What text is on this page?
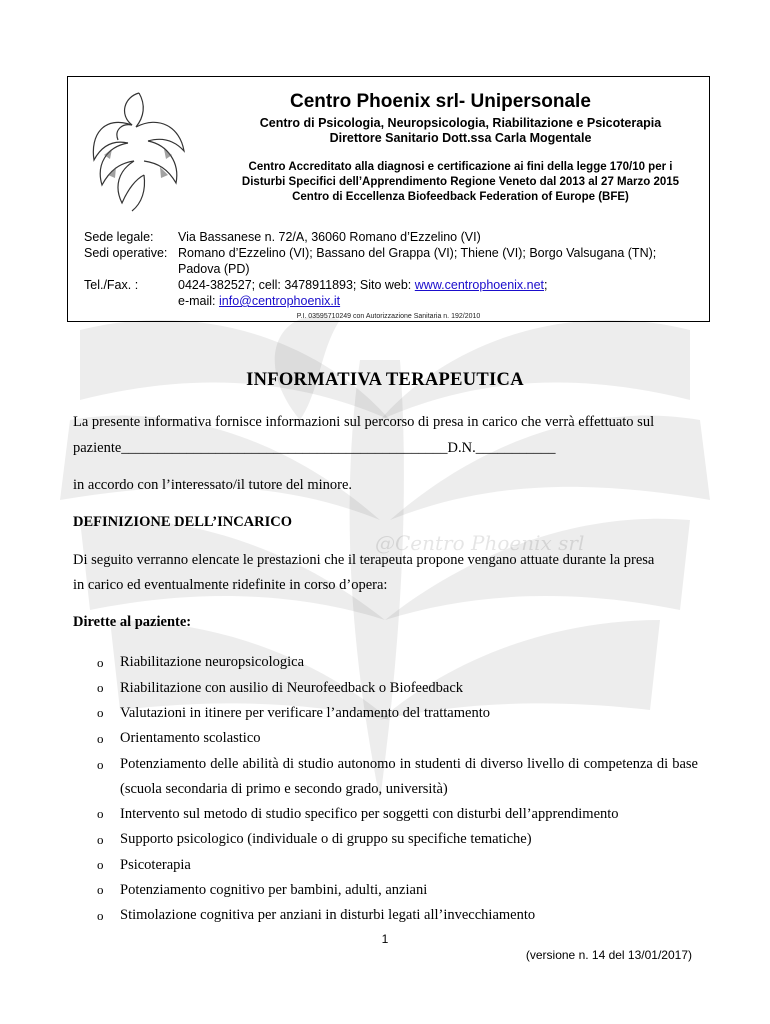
@Centro Phoenix srl
Centro Phoenix srl- Unipersonale
Centro di Psicologia, Neuropsicologia, Riabilitazione e Psicoterapia
Direttore Sanitario Dott.ssa Carla Mogentale
Centro Accreditato alla diagnosi e certificazione ai fini della legge 170/10 per i
Disturbi Specifici dell’Apprendimento Regione Veneto dal 2013 al 27 Marzo 2015
Centro di Eccellenza Biofeedback Federation of Europe (BFE)
Sede legale:	Via Bassanese n. 72/A, 36060 Romano d’Ezzelino (VI)
Sedi operative: Romano d’Ezzelino (VI); Bassano del Grappa (VI); Thiene (VI); Borgo Valsugana (TN);
Padova (PD)
Tel./Fax. :	0424-382527; cell: 3478911893; Sito web: www.centrophoenix.net;
e-mail: info@centrophoenix.it
P.I. 03595710249 con Autorizzazione Sanitaria n. 192/2010
INFORMATIVA TERAPEUTICA
La presente informativa fornisce informazioni sul percorso di presa in carico che verrà effettuato sul
paziente_____________________________________________D.N.___________
in accordo con l’interessato/il tutore del minore.
DEFINIZIONE DELL’INCARICO
Di seguito verranno elencate le prestazioni che il terapeuta propone vengano attuate durante la presa
in carico ed eventualmente ridefinite in corso d’opera:
Dirette al paziente:
o	Riabilitazione neuropsicologica
o	Riabilitazione con ausilio di Neurofeedback o Biofeedback
o	Valutazioni in itinere per verificare l’andamento del trattamento
o	Orientamento scolastico
o	Potenziamento delle abilità di studio autonomo in studenti di diverso livello di competenza di base (scuola secondaria di primo e secondo grado, università)
o	Intervento sul metodo di studio specifico per soggetti con disturbi dell’apprendimento
o	Supporto psicologico (individuale o di gruppo su specifiche tematiche)
o	Psicoterapia
o	Potenziamento cognitivo per bambini, adulti, anziani
o	Stimolazione cognitiva per anziani in disturbi legati all’invecchiamento
1
(versione n. 14 del 13/01/2017)
